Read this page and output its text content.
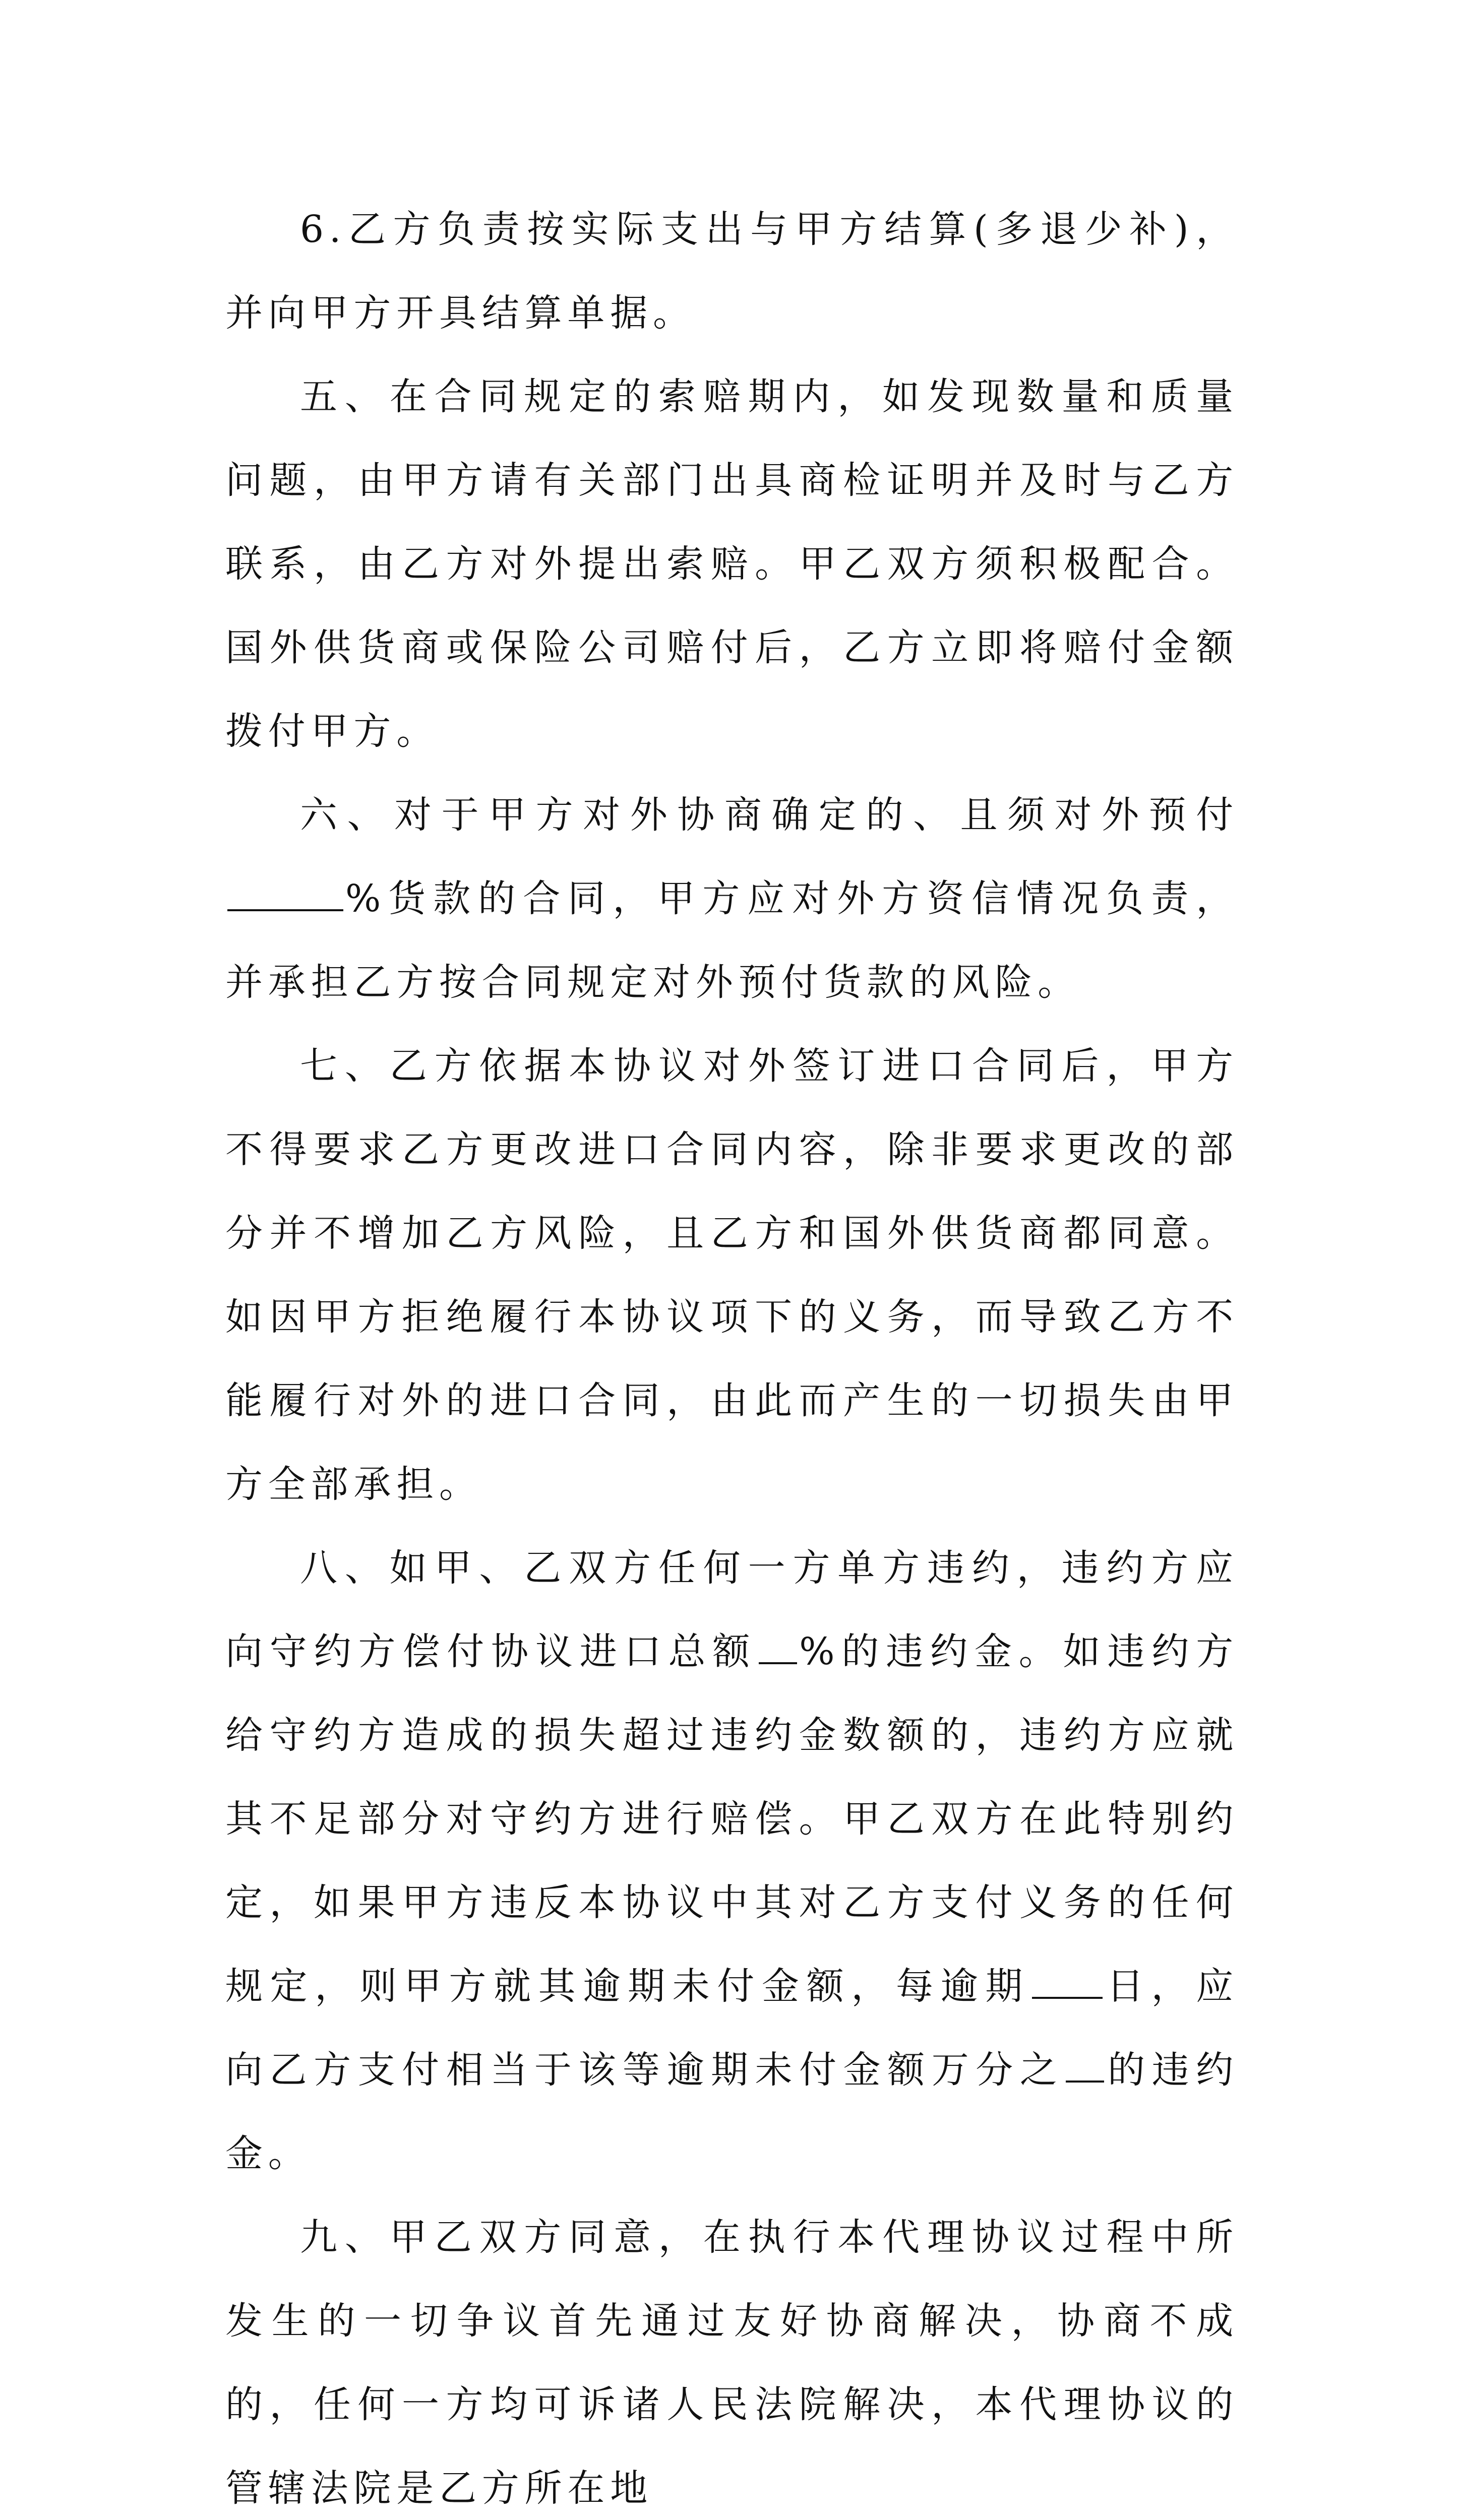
6.乙方负责按实际支出与甲方结算(多退少补)，并向甲方开具结算单据。

五、在合同规定的索赔期内，如发现数量和质量问题，由甲方请有关部门出具商检证明并及时与乙方联系，由乙方对外提出索赔。甲乙双方须积极配合。国外供货商或保险公司赔付后，乙方立即将赔付金额拨付甲方。

六、对于甲方对外协商确定的、且须对外预付%货款的合同，甲方应对外方资信情况负责，并承担乙方按合同规定对外预付货款的风险。

七、乙方依据本协议对外签订进口合同后，甲方不得要求乙方更改进口合同内容，除非要求更改的部分并不增加乙方风险，且乙方和国外供货商都同意。如因甲方拒绝履行本协议项下的义务，而导致乙方不能履行对外的进口合同，由此而产生的一切损失由甲方全部承担。

八、如甲、乙双方任何一方单方违约，违约方应向守约方偿付协议进口总额 %的违约金。如违约方给守约方造成的损失超过违约金数额的，违约方应就其不足部分对守约方进行赔偿。甲乙双方在此特别约定，如果甲方违反本协议中其对乙方支付义务的任何规定，则甲方就其逾期未付金额，每逾期 日，应向乙方支付相当于该等逾期未付金额万分之 的违约金。

九、甲乙双方同意，在执行本代理协议过程中所发生的一切争议首先通过友好协商解决，协商不成的，任何一方均可诉诸人民法院解决，本代理协议的管辖法院是乙方所在地
